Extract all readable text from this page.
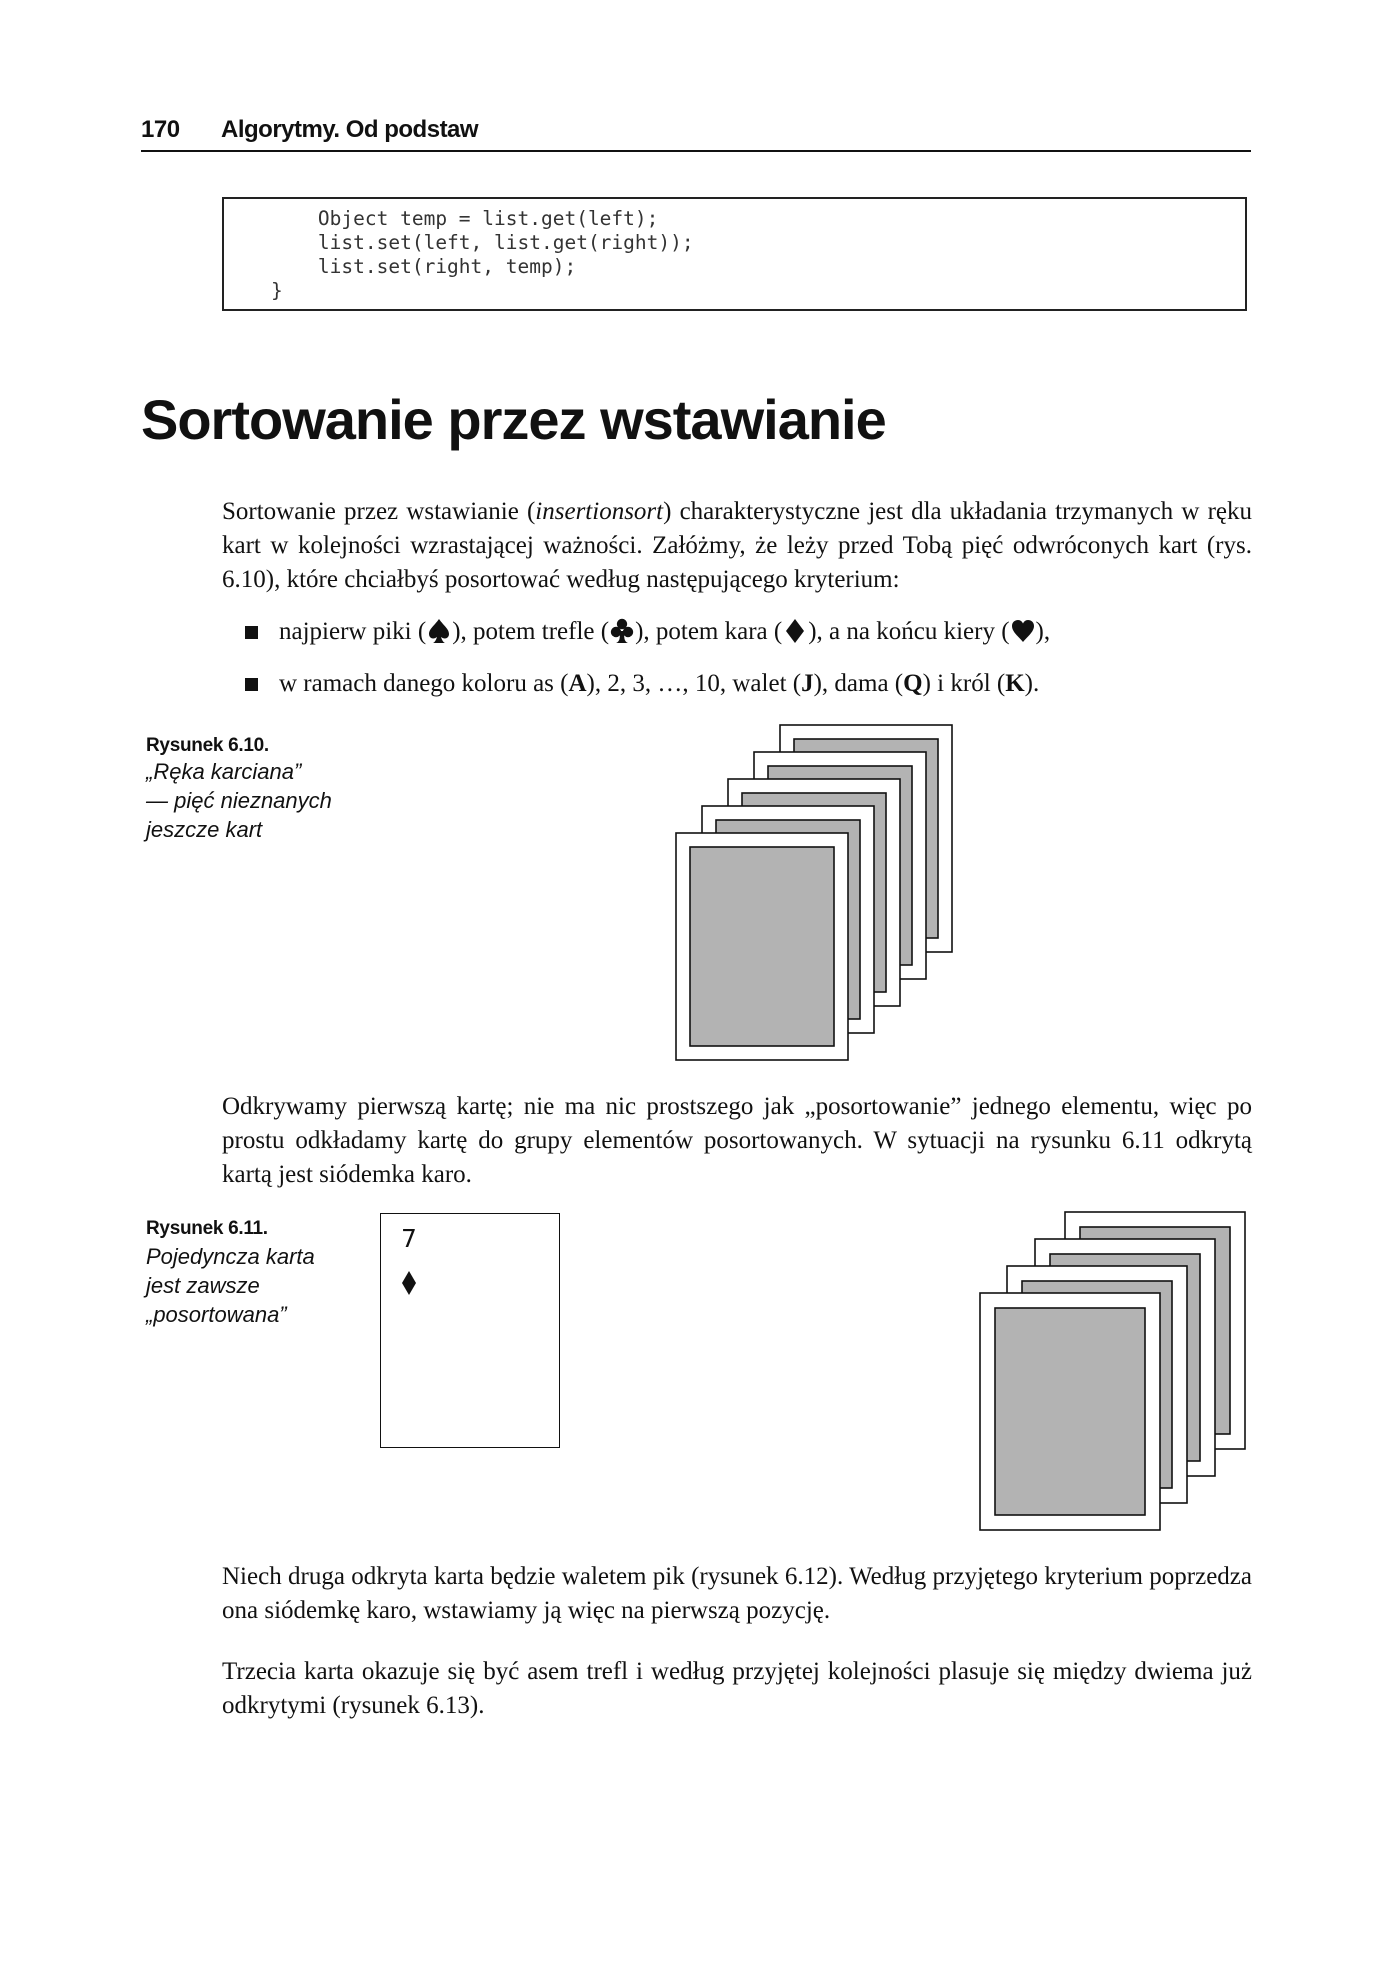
170 Algorytmy. Od podstaw
Object temp = list.get(left);
list.set(left, list.get(right));
list.set(right, temp);
}
Sortowanie przez wstawianie
Sortowanie przez wstawianie (insertionsort) charakterystyczne jest dla układania trzymanych w ręku kart w kolejności wzrastającej ważności. Załóżmy, że leży przed Tobą pięć odwróconych kart (rys. 6.10), które chciałbyś posortować według następującego kryterium:
najpierw piki ( ), potem trefle ( ), potem kara ( ), a na końcu kiery ( ),
w ramach danego koloru as (A), 2, 3, …, 10, walet (J), dama (Q) i król (K).
Rysunek 6.10.
„Ręka karciana”
— pięć nieznanych
jeszcze kart
Odkrywamy pierwszą kartę; nie ma nic prostszego jak „posortowanie” jednego elementu, więc po prostu odkładamy kartę do grupy elementów posortowanych. W sytuacji na rysunku 6.11 odkrytą kartą jest siódemka karo.
Rysunek 6.11.
Pojedyncza karta
jest zawsze
„posortowana”
7
Niech druga odkryta karta będzie waletem pik (rysunek 6.12). Według przyjętego kryterium poprzedza ona siódemkę karo, wstawiamy ją więc na pierwszą pozycję.
Trzecia karta okazuje się być asem trefl i według przyjętej kolejności plasuje się między dwiema już odkrytymi (rysunek 6.13).
